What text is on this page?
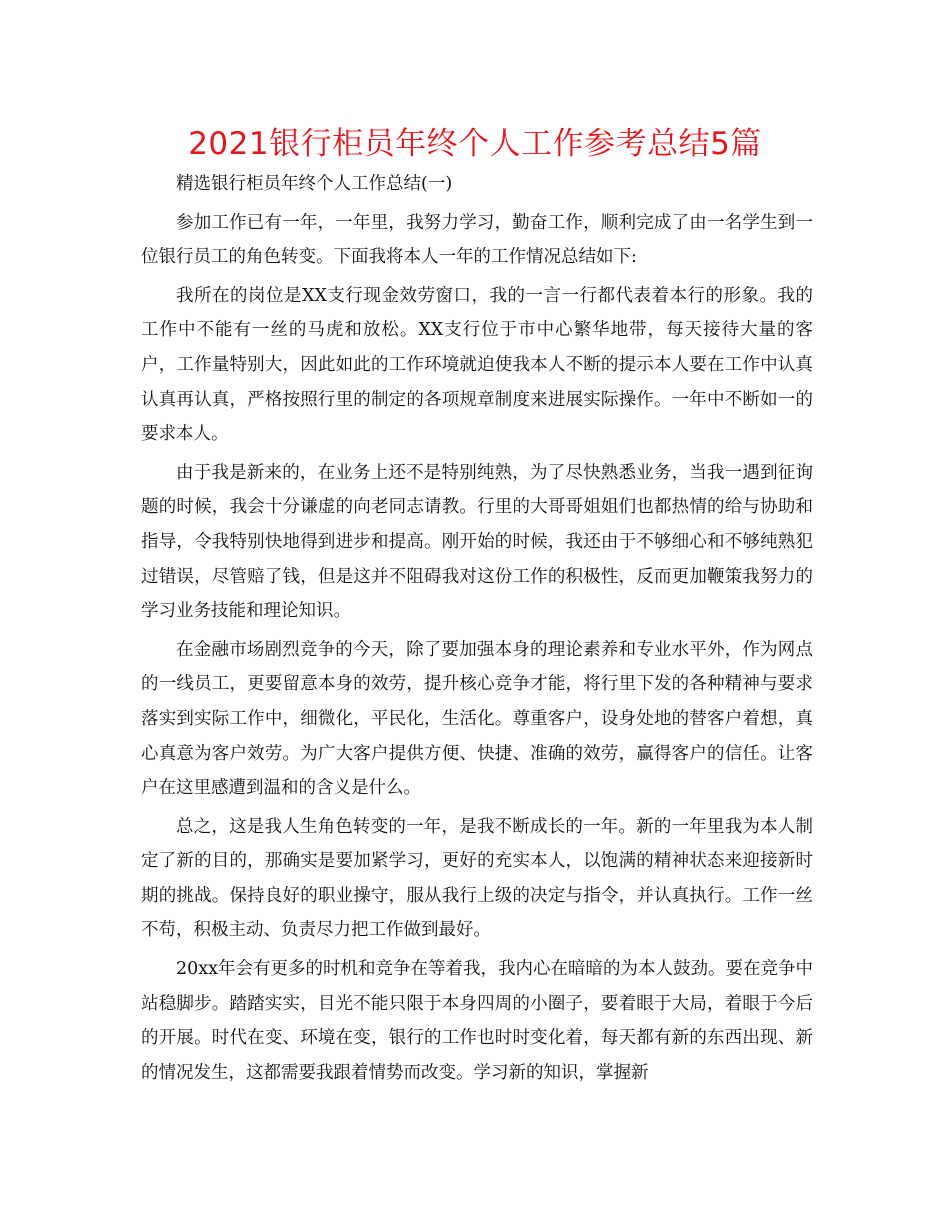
2021银行柜员年终个人工作参考总结5篇

精选银行柜员年终个人工作总结(一)

参加工作已有一年，一年里，我努力学习，勤奋工作，顺利完成了由一名学生到一位银行员工的角色转变。下面我将本人一年的工作情况总结如下:

我所在的岗位是XX支行现金效劳窗口，我的一言一行都代表着本行的形象。我的工作中不能有一丝的马虎和放松。XX支行位于市中心繁华地带，每天接待大量的客户，工作量特别大，因此如此的工作环境就迫使我本人不断的提示本人要在工作中认真认真再认真，严格按照行里的制定的各项规章制度来进展实际操作。一年中不断如一的要求本人。

由于我是新来的，在业务上还不是特别纯熟，为了尽快熟悉业务，当我一遇到征询题的时候，我会十分谦虚的向老同志请教。行里的大哥哥姐姐们也都热情的给与协助和指导，令我特别快地得到进步和提高。刚开始的时候，我还由于不够细心和不够纯熟犯过错误，尽管赔了钱，但是这并不阻碍我对这份工作的积极性，反而更加鞭策我努力的学习业务技能和理论知识。

在金融市场剧烈竞争的今天，除了要加强本身的理论素养和专业水平外，作为网点的一线员工，更要留意本身的效劳，提升核心竞争才能，将行里下发的各种精神与要求落实到实际工作中，细微化，平民化，生活化。尊重客户，设身处地的替客户着想，真心真意为客户效劳。为广大客户提供方便、快捷、准确的效劳，赢得客户的信任。让客户在这里感遭到温和的含义是什么。

总之，这是我人生角色转变的一年，是我不断成长的一年。新的一年里我为本人制定了新的目的，那确实是要加紧学习，更好的充实本人，以饱满的精神状态来迎接新时期的挑战。保持良好的职业操守，服从我行上级的决定与指令，并认真执行。工作一丝不苟，积极主动、负责尽力把工作做到最好。

20xx年会有更多的时机和竞争在等着我，我内心在暗暗的为本人鼓劲。要在竞争中站稳脚步。踏踏实实，目光不能只限于本身四周的小圈子，要着眼于大局，着眼于今后的开展。时代在变、环境在变，银行的工作也时时变化着，每天都有新的东西出现、新的情况发生，这都需要我跟着情势而改变。学习新的知识，掌握新
